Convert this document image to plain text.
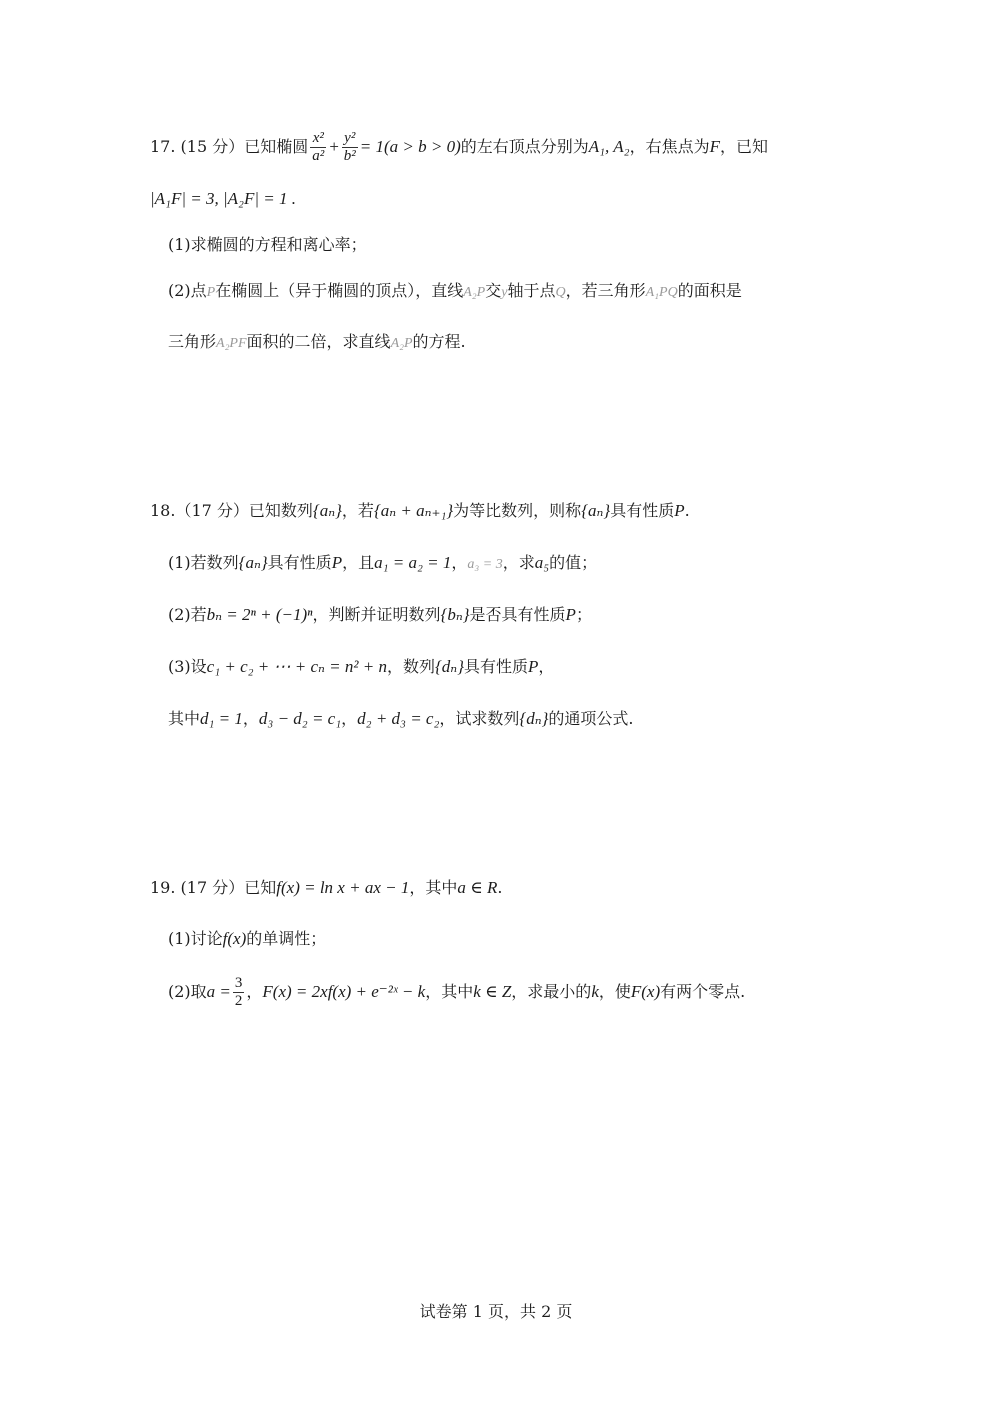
17. (15 分）已知椭圆 $\frac{\text{x²}}{\text{a²}} + \frac{\text{y²}}{\text{b²}} = 1(a > b > 0)$的左右顶点分别为A₁, A₂，右焦点为F，已知
|A₁F| = 3, |A₂F| = 1 .
(1)求椭圆的方程和离心率；
(2)点P在椭圆上（异于椭圆的顶点），直线A₂P交y轴于点Q，若三角形A₁PQ的面积是
三角形A₂PF面积的二倍，求直线A₂P的方程.
18.（17 分）已知数列{aₙ}，若{aₙ + aₙ₊₁}为等比数列，则称{aₙ}具有性质P.
(1)若数列{aₙ}具有性质P，且a₁ = a₂ = 1，a₃ = 3，求a₅的值；
(2)若bₙ = 2ⁿ + (−1)ⁿ，判断并证明数列{bₙ}是否具有性质P；
(3)设c₁ + c₂ + ⋯ + cₙ = n² + n，数列{dₙ}具有性质P，
其中d₁ = 1，d₃ − d₂ = c₁，d₂ + d₃ = c₂，试求数列{dₙ}的通项公式.
19. (17 分）已知f(x) = ln x + ax − 1，其中a ∈ R.
(1)讨论f(x)的单调性；
(2)取$a = \frac{3}{2}$ ，F(x) = 2xf(x) + e⁻²ˣ − k，其中k ∈ Z，求最小的k，使F(x)有两个零点.
试卷第 1 页，共 2 页
